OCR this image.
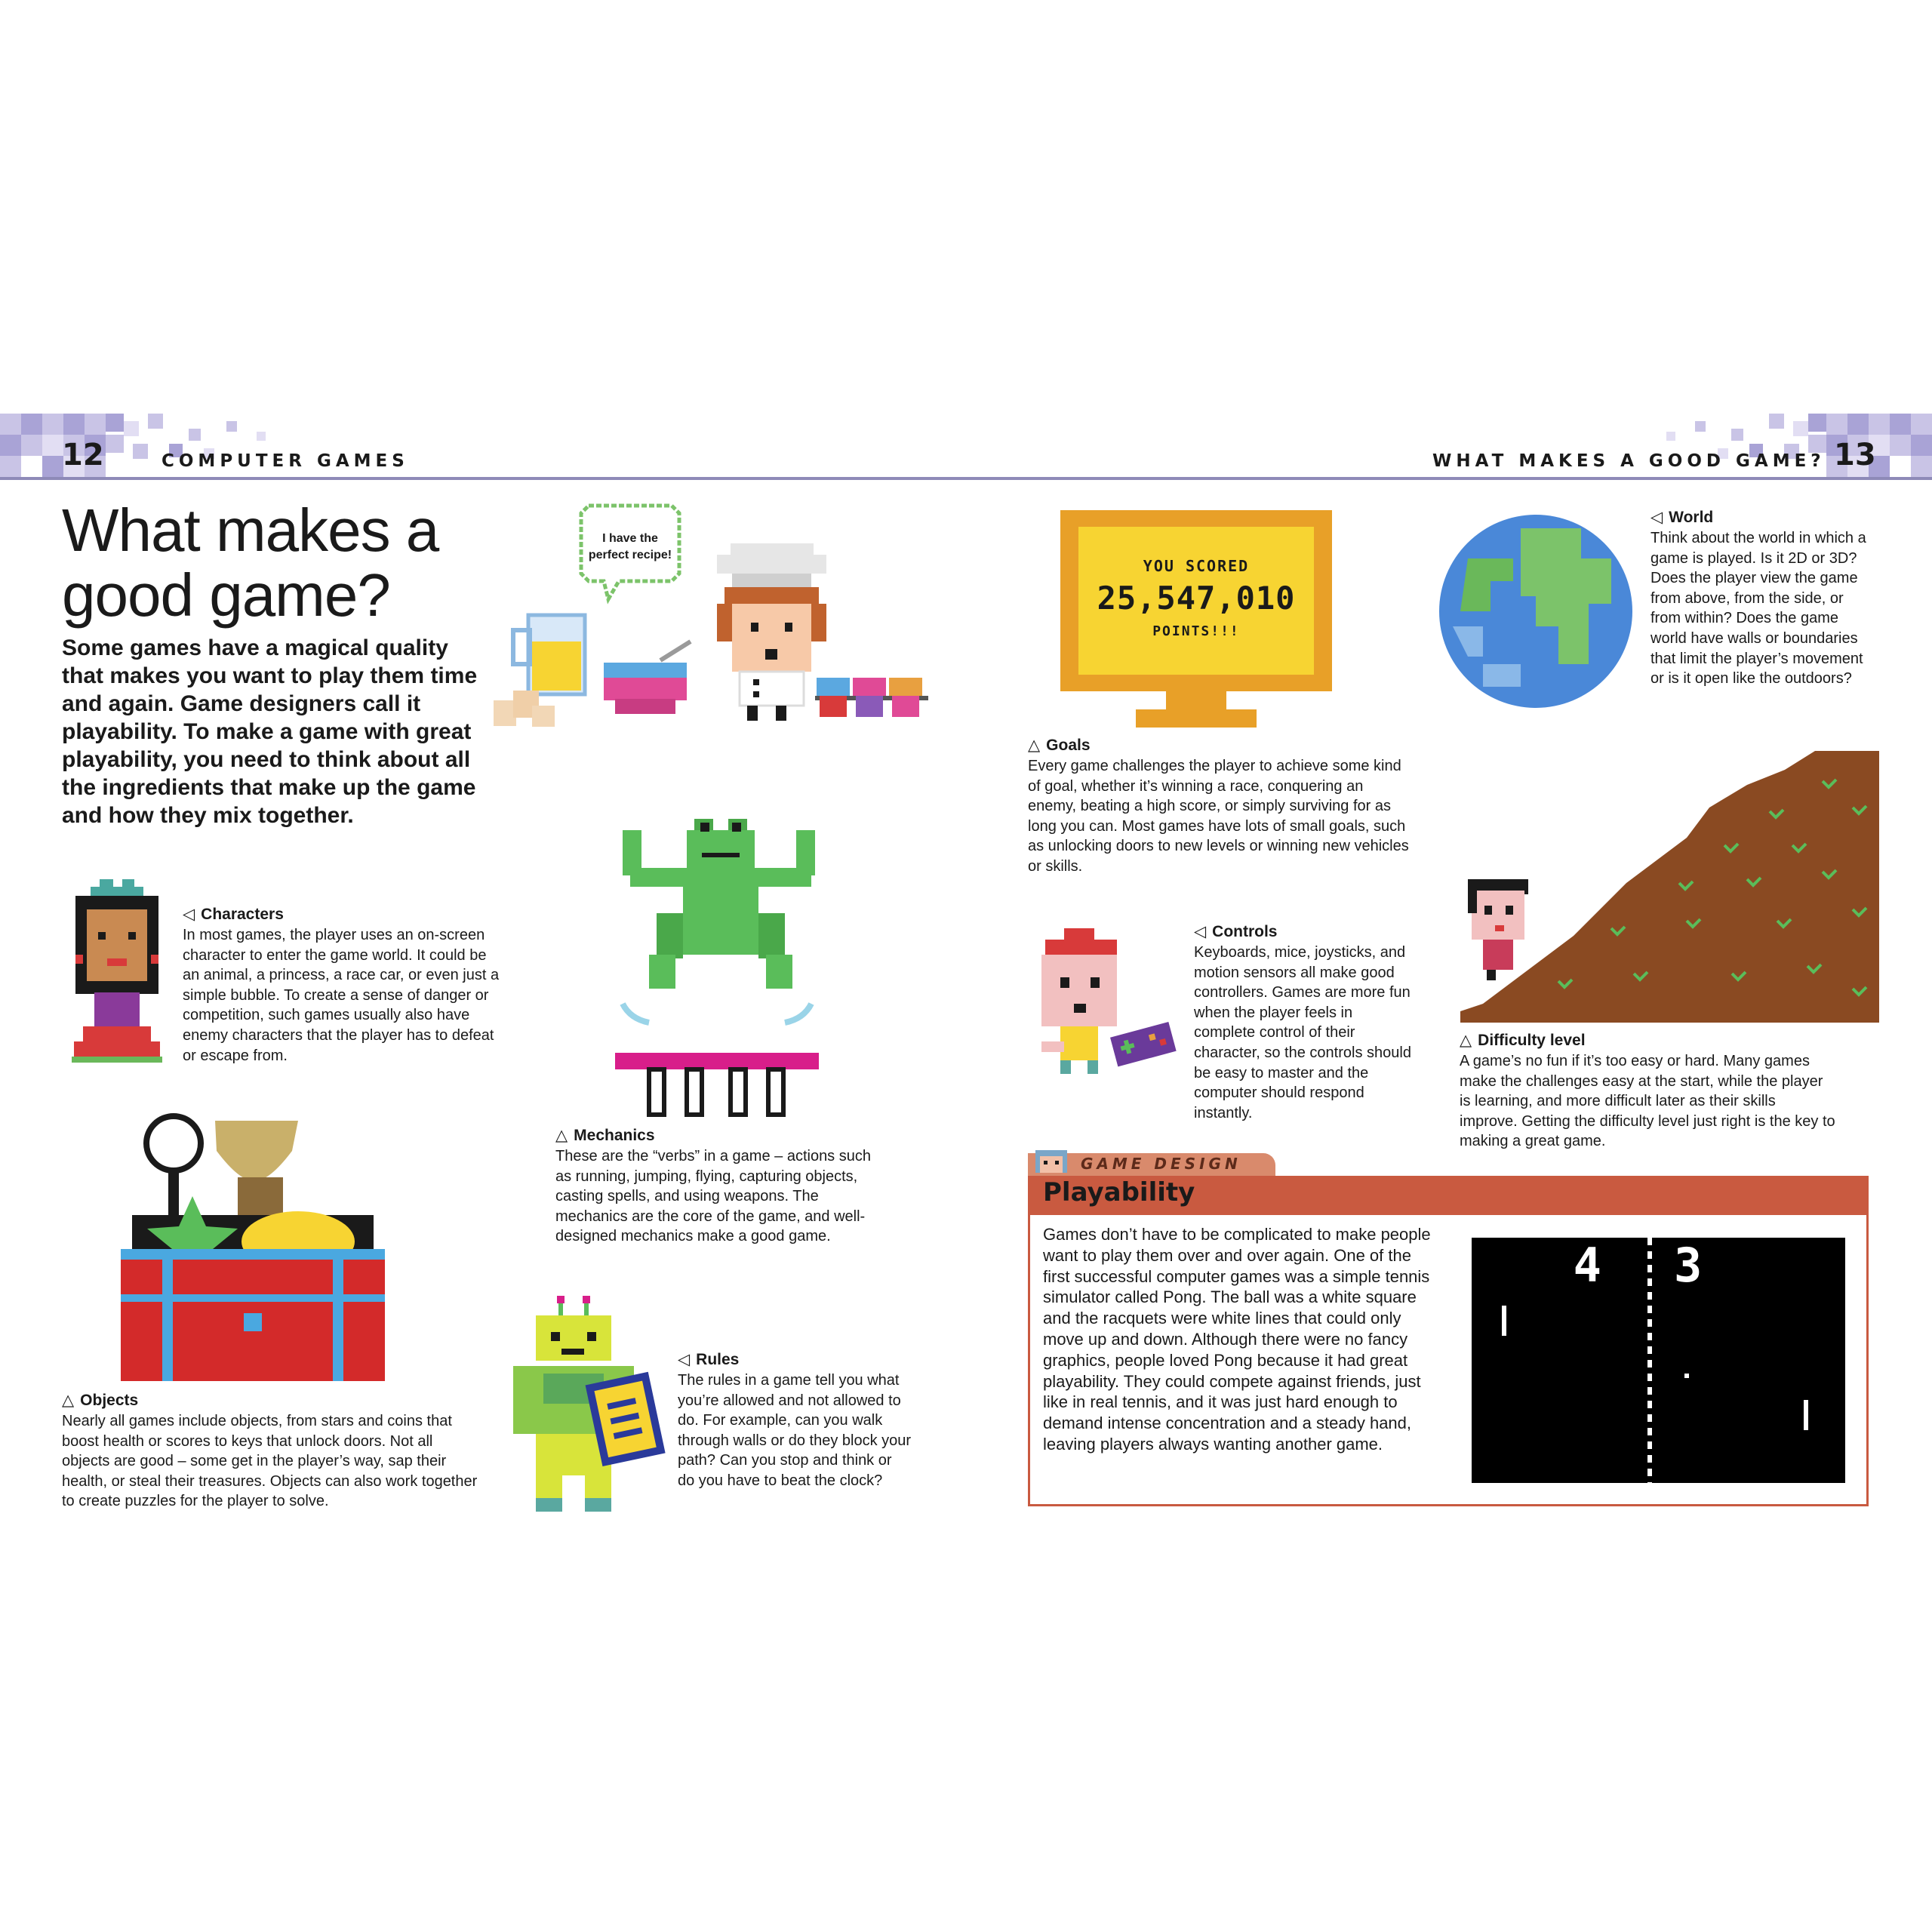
12	COMPUTER GAMES	WHAT MAKES A GOOD GAME? 13
What makes a good game?
Some games have a magical quality that makes you want to play them time and again. Game designers call it playability. To make a game with great playability, you need to think about all the ingredients that make up the game and how they mix together.
I have the
perfect recipe!
YOU SCORED
25,547,010
POINTS!!!
◁ Characters
In most games, the player uses an on-screen character to enter the game world. It could be an animal, a princess, a race car, or even just a simple bubble. To create a sense of danger or competition, such games usually also have enemy characters that the player has to defeat or escape from.
△ Objects
Nearly all games include objects, from stars and coins that boost health or scores to keys that unlock doors. Not all objects are good – some get in the player’s way, sap their health, or steal their treasures. Objects can also work together to create puzzles for the player to solve.
△ Mechanics
These are the “verbs” in a game – actions such as running, jumping, flying, capturing objects, casting spells, and using weapons. The mechanics are the core of the game, and well-designed mechanics make a good game.
◁ Rules
The rules in a game tell you what you’re allowed and not allowed to do. For example, can you walk through walls or do they block your path? Can you stop and think or do you have to beat the clock?
△ Goals
Every game challenges the player to achieve some kind of goal, whether it’s winning a race, conquering an enemy, beating a high score, or simply surviving for as long you can. Most games have lots of small goals, such as unlocking doors to new levels or winning new vehicles or skills.
◁ Controls
Keyboards, mice, joysticks, and motion sensors all make good controllers. Games are more fun when the player feels in complete control of their character, so the controls should be easy to master and the computer should respond instantly.
◁ World
Think about the world in which a game is played. Is it 2D or 3D? Does the player view the game from above, from the side, or from within? Does the game world have walls or boundaries that limit the player’s movement or is it open like the outdoors?
△ Difficulty level
A game’s no fun if it’s too easy or hard. Many games make the challenges easy at the start, while the player is learning, and more difficult later as their skills improve. Getting the difficulty level just right is the key to making a great game.
GAME DESIGN
Playability
Games don’t have to be complicated to make people want to play them over and over again. One of the first successful computer games was a simple tennis simulator called Pong. The ball was a white square and the racquets were white lines that could only move up and down. Although there were no fancy graphics, people loved Pong because it had great playability. They could compete against friends, just like in real tennis, and it was just hard enough to demand intense concentration and a steady hand, leaving players always wanting another game.
4 3
